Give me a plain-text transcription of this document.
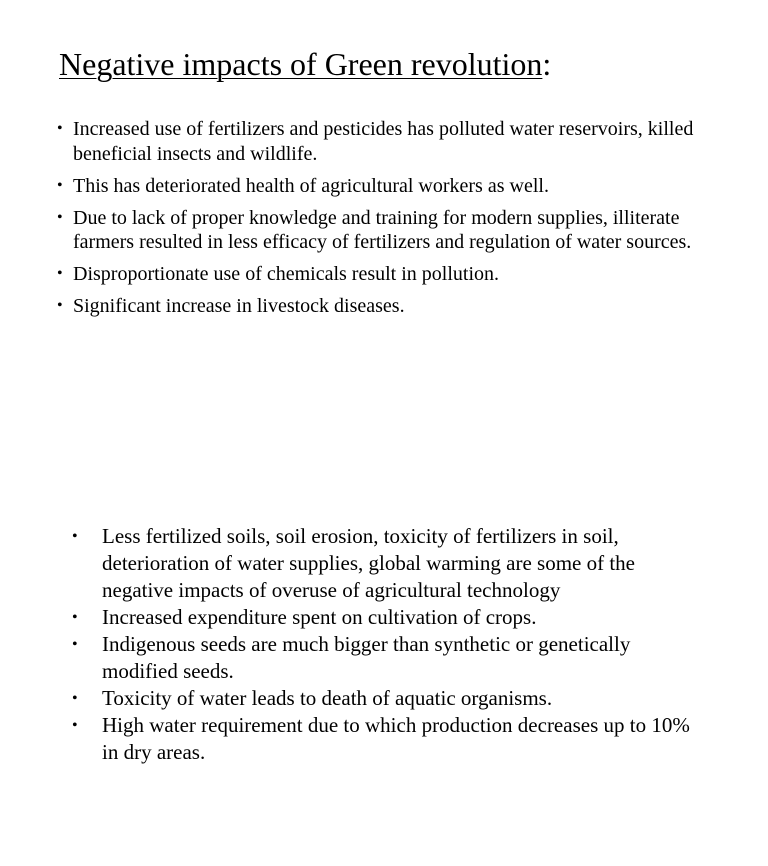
Negative impacts of Green revolution:
• Increased use of fertilizers and pesticides has polluted water reservoirs, killed beneficial insects and wildlife.
• This has deteriorated health of agricultural workers as well.
• Due to lack of proper knowledge and training for modern supplies, illiterate farmers resulted in less efficacy of fertilizers and regulation of water sources.
• Disproportionate use of chemicals result in pollution.
• Significant increase in livestock diseases.
• Less fertilized soils, soil erosion, toxicity of fertilizers in soil, deterioration of water supplies, global warming are some of the negative impacts of overuse of agricultural technology
• Increased expenditure spent on cultivation of crops.
• Indigenous seeds are much bigger than synthetic or genetically modified seeds.
• Toxicity of water leads to death of aquatic organisms.
• High water requirement due to which production decreases up to 10% in dry areas.
